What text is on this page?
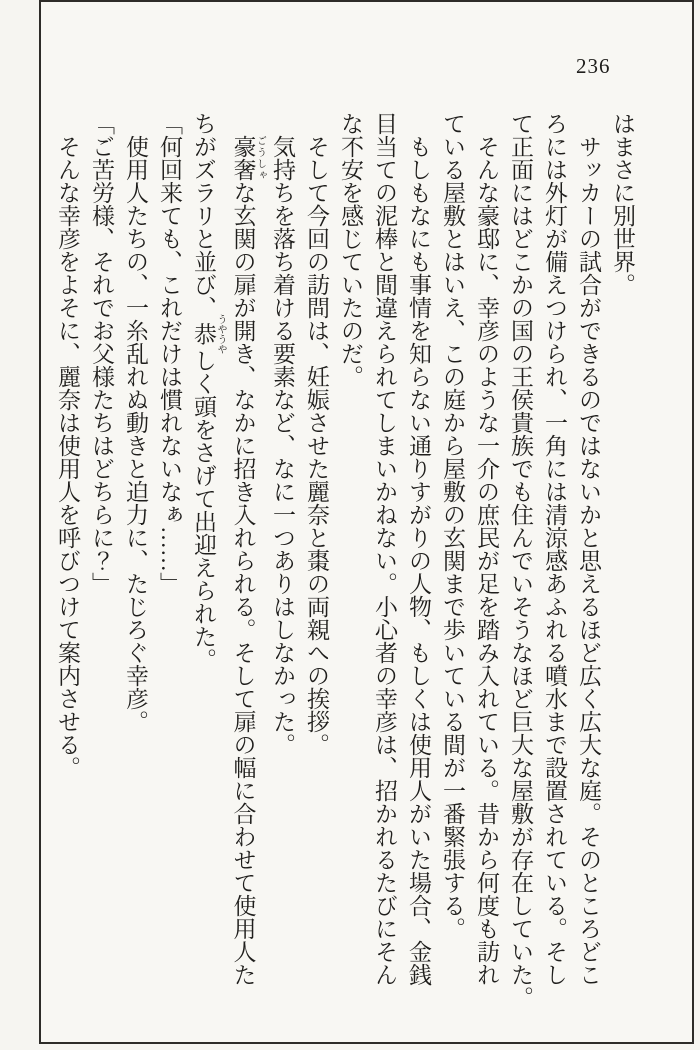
236
はまさに別世界。
サッカーの試合ができるのではないかと思えるほど広く広大な庭。そのところどこ
ろには外灯が備えつけられ、一角には清涼感あふれる噴水まで設置されている。そし
て正面にはどこかの国の王侯貴族でも住んでいそうなほど巨大な屋敷が存在していた。
そんな豪邸に、幸彦のような一介の庶民が足を踏み入れている。昔から何度も訪れ
ている屋敷とはいえ、この庭から屋敷の玄関まで歩いている間が一番緊張する。
もしもなにも事情を知らない通りすがりの人物、もしくは使用人がいた場合、金銭
目当ての泥棒と間違えられてしまいかねない。小心者の幸彦は、招かれるたびにそん
な不安を感じていたのだ。
そして今回の訪問は、妊娠させた麗奈と棗の両親への挨拶。
気持ちを落ち着ける要素など、なに一つありはしなかった。
豪奢 ごうしゃな玄関の扉が開き、なかに招き入れられる。そして扉の幅に合わせて使用人た
ちがズラリと並び、恭 うやうやしく頭をさげて出迎えられた。
「何回来ても、これだけは慣れないなぁ……」
使用人たちの、一糸乱れぬ動きと迫力に、たじろぐ幸彦。
「ご苦労様、それでお父様たちはどちらに？」
そんな幸彦をよそに、麗奈は使用人を呼びつけて案内させる。
